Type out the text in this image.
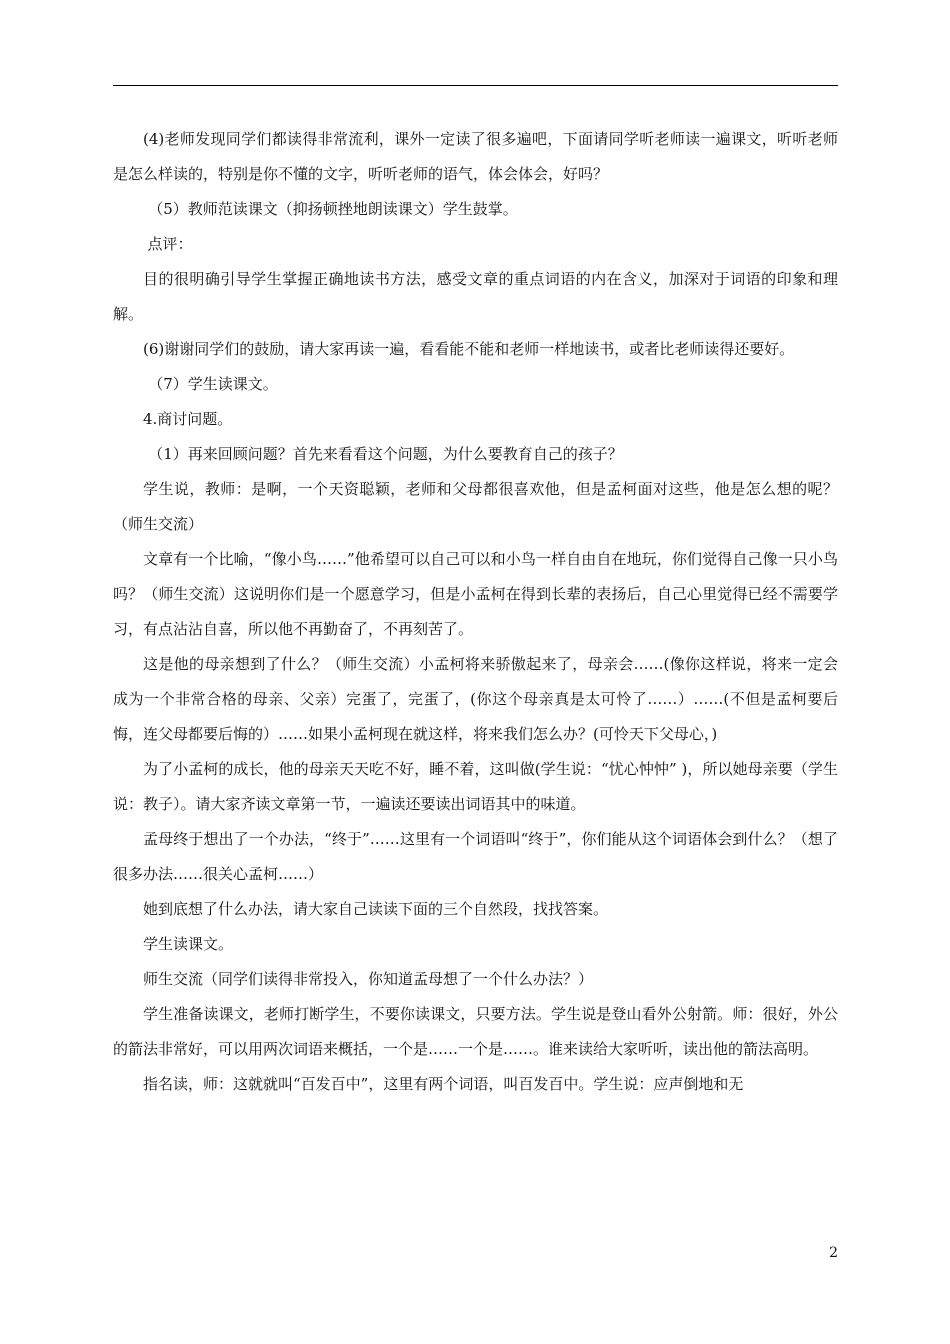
(4)老师发现同学们都读得非常流利，课外一定读了很多遍吧，下面请同学听老师读一遍课文，听听老师是怎么样读的，特别是你不懂的文字，听听老师的语气，体会体会，好吗？

（5）教师范读课文（抑扬顿挫地朗读课文）学生鼓掌。

点评：

目的很明确引导学生掌握正确地读书方法，感受文章的重点词语的内在含义，加深对于词语的印象和理解。

(6)谢谢同学们的鼓励，请大家再读一遍，看看能不能和老师一样地读书，或者比老师读得还要好。

（7）学生读课文。

4.商讨问题。

（1）再来回顾问题？首先来看看这个问题，为什么要教育自己的孩子？

学生说，教师：是啊，一个天资聪颖，老师和父母都很喜欢他，但是孟柯面对这些，他是怎么想的呢？（师生交流）

文章有一个比喻，“像小鸟……”他希望可以自己可以和小鸟一样自由自在地玩，你们觉得自己像一只小鸟吗？（师生交流）这说明你们是一个愿意学习，但是小孟柯在得到长辈的表扬后，自己心里觉得已经不需要学习，有点沾沾自喜，所以他不再勤奋了，不再刻苦了。

这是他的母亲想到了什么？（师生交流）小孟柯将来骄傲起来了，母亲会……(像你这样说，将来一定会成为一个非常合格的母亲、父亲）完蛋了，完蛋了，(你这个母亲真是太可怜了……）……(不但是孟柯要后悔，连父母都要后悔的）……如果小孟柯现在就这样，将来我们怎么办？(可怜天下父母心，)

为了小孟柯的成长，他的母亲天天吃不好，睡不着，这叫做(学生说：“忧心忡忡” )，所以她母亲要（学生说：教子）。请大家齐读文章第一节，一遍读还要读出词语其中的味道。

孟母终于想出了一个办法，“终于”……这里有一个词语叫“终于”，你们能从这个词语体会到什么？（想了很多办法……很关心孟柯……）

她到底想了什么办法，请大家自己读读下面的三个自然段，找找答案。

学生读课文。

师生交流（同学们读得非常投入，你知道孟母想了一个什么办法？）

学生准备读课文，老师打断学生，不要你读课文，只要方法。学生说是登山看外公射箭。师：很好，外公的箭法非常好，可以用两次词语来概括，一个是……一个是……。谁来读给大家听听，读出他的箭法高明。

指名读，师：这就就叫“百发百中”，这里有两个词语，叫百发百中。学生说：应声倒地和无

2
